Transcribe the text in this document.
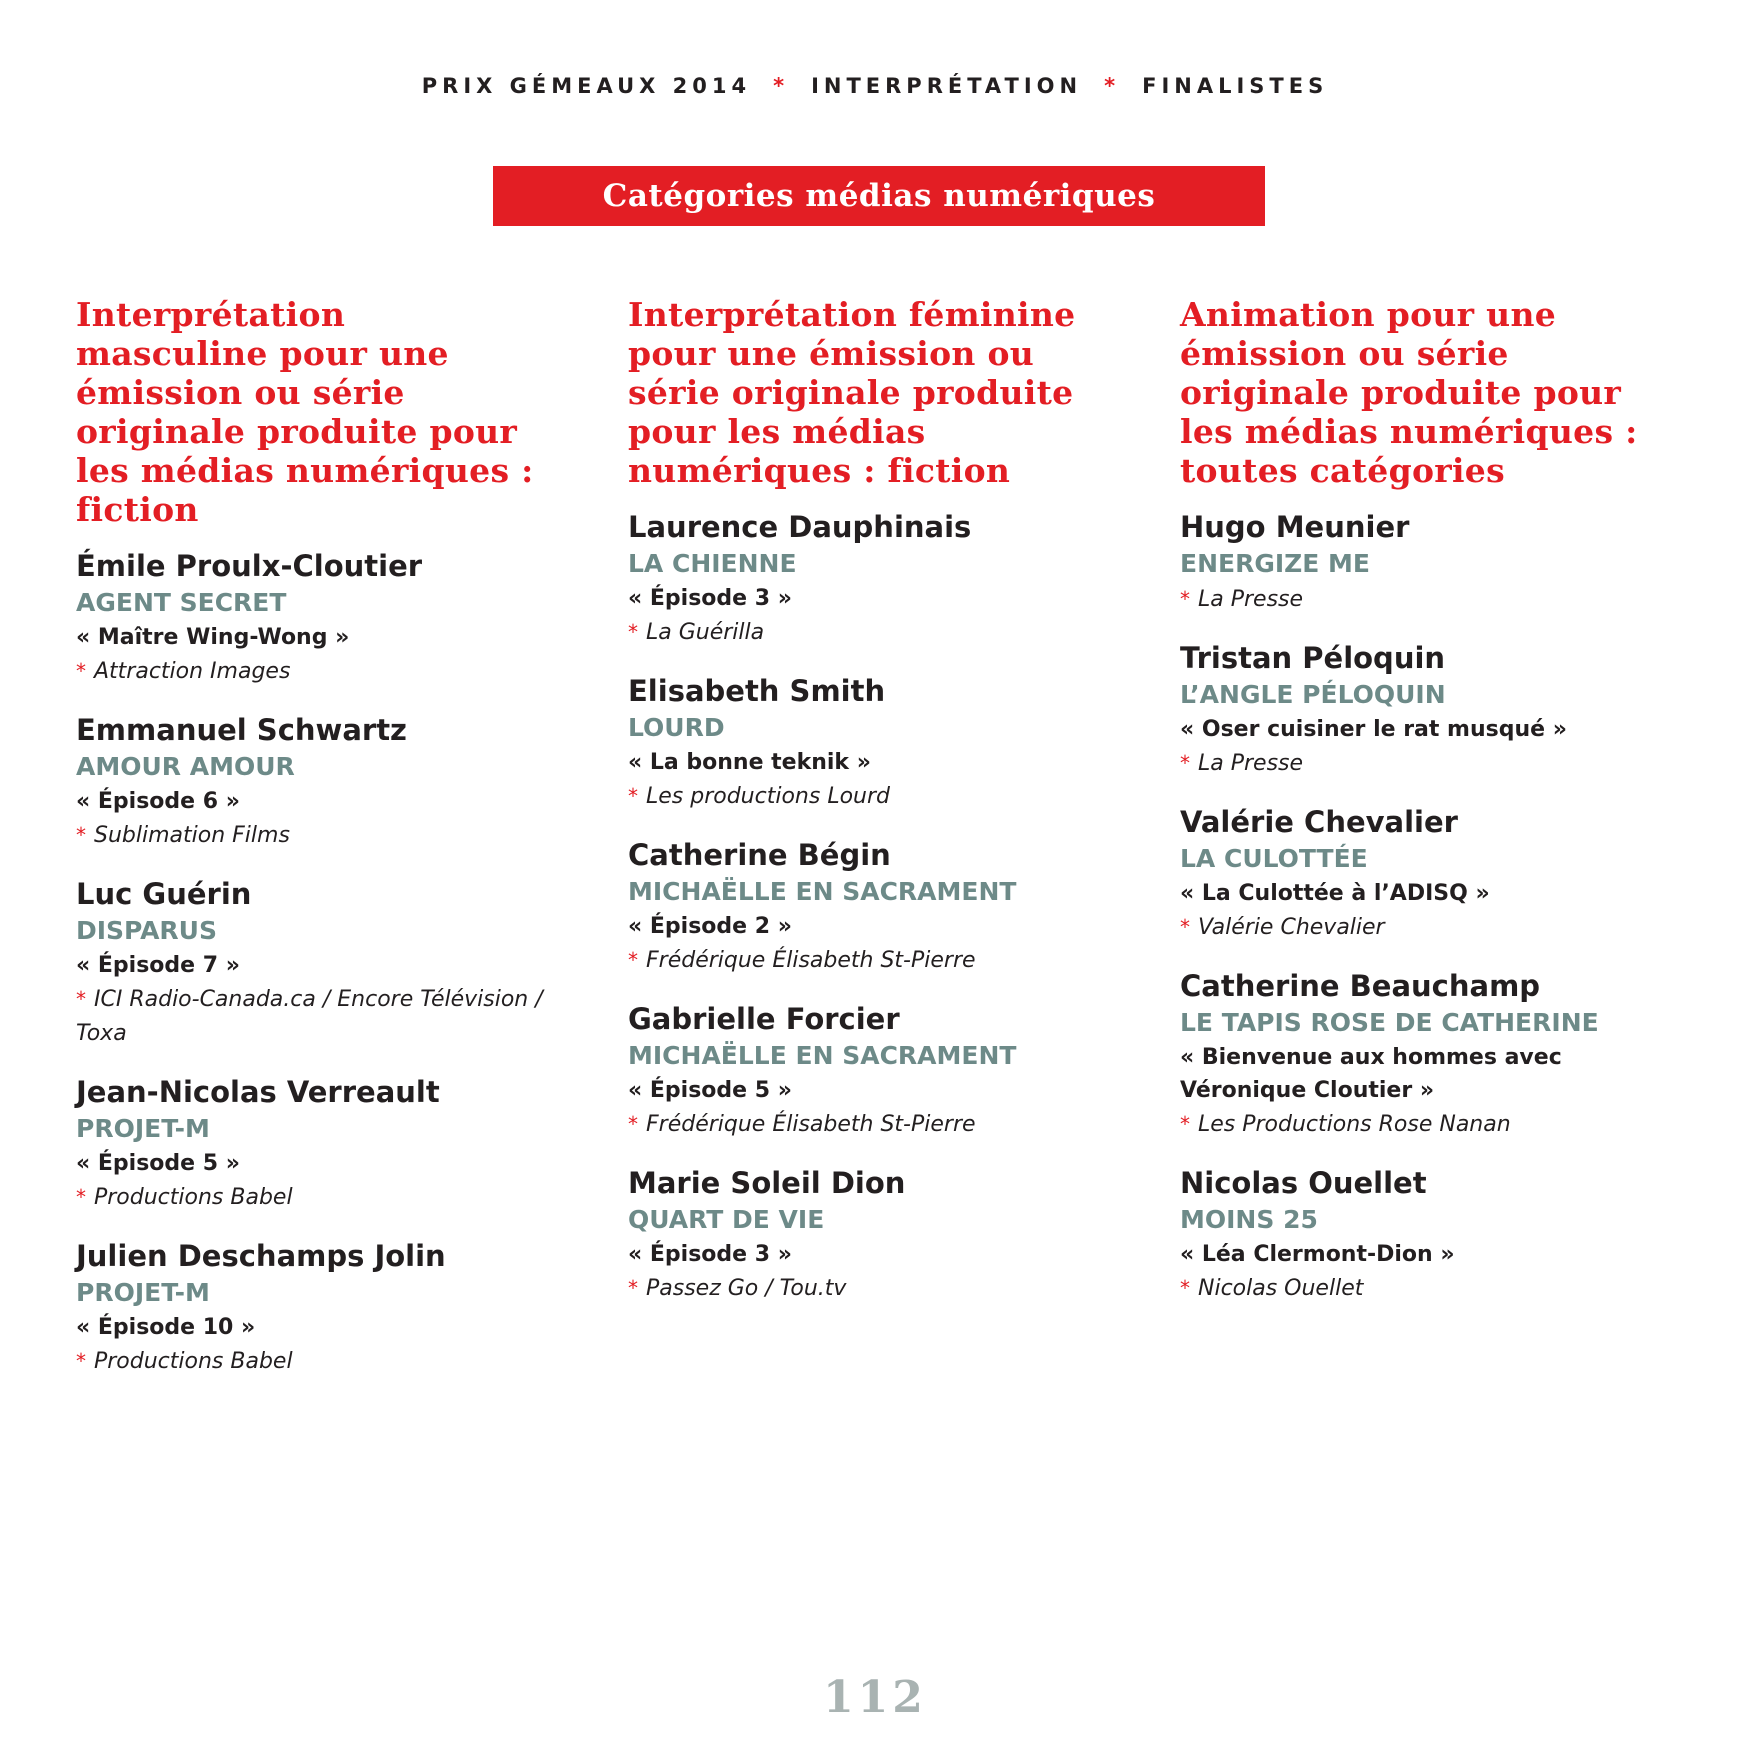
PRIX GÉMEAUX 2014 * INTERPRÉTATION * FINALISTES
Catégories médias numériques
Interprétation masculine pour une émission ou série originale produite pour les médias numériques : fiction
Émile Proulx-Cloutier
AGENT SECRET
« Maître Wing-Wong »
* Attraction Images
Emmanuel Schwartz
AMOUR AMOUR
« Épisode 6 »
* Sublimation Films
Luc Guérin
DISPARUS
« Épisode 7 »
* ICI Radio-Canada.ca / Encore Télévision / Toxa
Jean-Nicolas Verreault
PROJET-M
« Épisode 5 »
* Productions Babel
Julien Deschamps Jolin
PROJET-M
« Épisode 10 »
* Productions Babel
Interprétation féminine pour une émission ou série originale produite pour les médias numériques : fiction
Laurence Dauphinais
LA CHIENNE
« Épisode 3 »
* La Guérilla
Elisabeth Smith
LOURD
« La bonne teknik »
* Les productions Lourd
Catherine Bégin
MICHAËLLE EN SACRAMENT
« Épisode 2 »
* Frédérique Élisabeth St-Pierre
Gabrielle Forcier
MICHAËLLE EN SACRAMENT
« Épisode 5 »
* Frédérique Élisabeth St-Pierre
Marie Soleil Dion
QUART DE VIE
« Épisode 3 »
* Passez Go / Tou.tv
Animation pour une émission ou série originale produite pour les médias numériques : toutes catégories
Hugo Meunier
ENERGIZE ME
* La Presse
Tristan Péloquin
L’ANGLE PÉLOQUIN
« Oser cuisiner le rat musqué »
* La Presse
Valérie Chevalier
LA CULOTTÉE
« La Culottée à l’ADISQ »
* Valérie Chevalier
Catherine Beauchamp
LE TAPIS ROSE DE CATHERINE
« Bienvenue aux hommes avec Véronique Cloutier »
* Les Productions Rose Nanan
Nicolas Ouellet
MOINS 25
« Léa Clermont-Dion »
* Nicolas Ouellet
112
